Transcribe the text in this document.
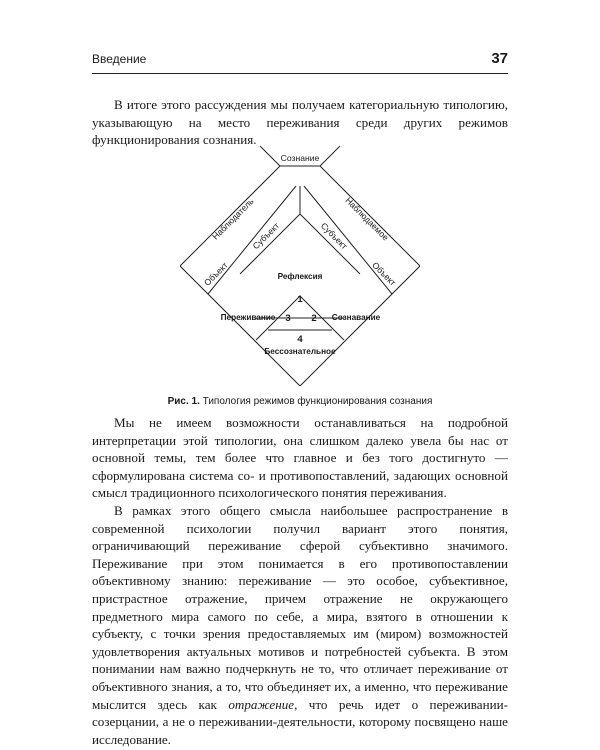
Введение	37

В итоге этого рассуждения мы получаем категориальную типологию, указывающую на место переживания среди других режимов функционирования сознания.

Сознание
Наблюдатель	Наблюдаемое
Субъект	Субъект
Объект	Объект
Рефлексия
1
Переживание 3 2 Сознавание
4
Бессознательное
Рис. 1. Типология режимов функционирования сознания

Мы не имеем возможности останавливаться на подробной интерпретации этой типологии, она слишком далеко увела бы нас от основной темы, тем более что главное и без того достигнуто — сформулирована система со- и противопоставлений, задающих основной смысл традиционного психологического понятия переживания.

В рамках этого общего смысла наибольшее распространение в современной психологии получил вариант этого понятия, ограничивающий переживание сферой субъективно значимого. Переживание при этом понимается в его противопоставлении объективному знанию: переживание — это особое, субъективное, пристрастное отражение, причем отражение не окружающего предметного мира самого по себе, а мира, взятого в отношении к субъекту, с точки зрения предоставляемых им (миром) возможностей удовлетворения актуальных мотивов и потребностей субъекта. В этом понимании нам важно подчеркнуть не то, что отличает переживание от объективного знания, а то, что объединяет их, а именно, что переживание мыслится здесь как отражение, что речь идет о переживании-созерцании, а не о переживании-деятельности, которому посвящено наше исследование.
